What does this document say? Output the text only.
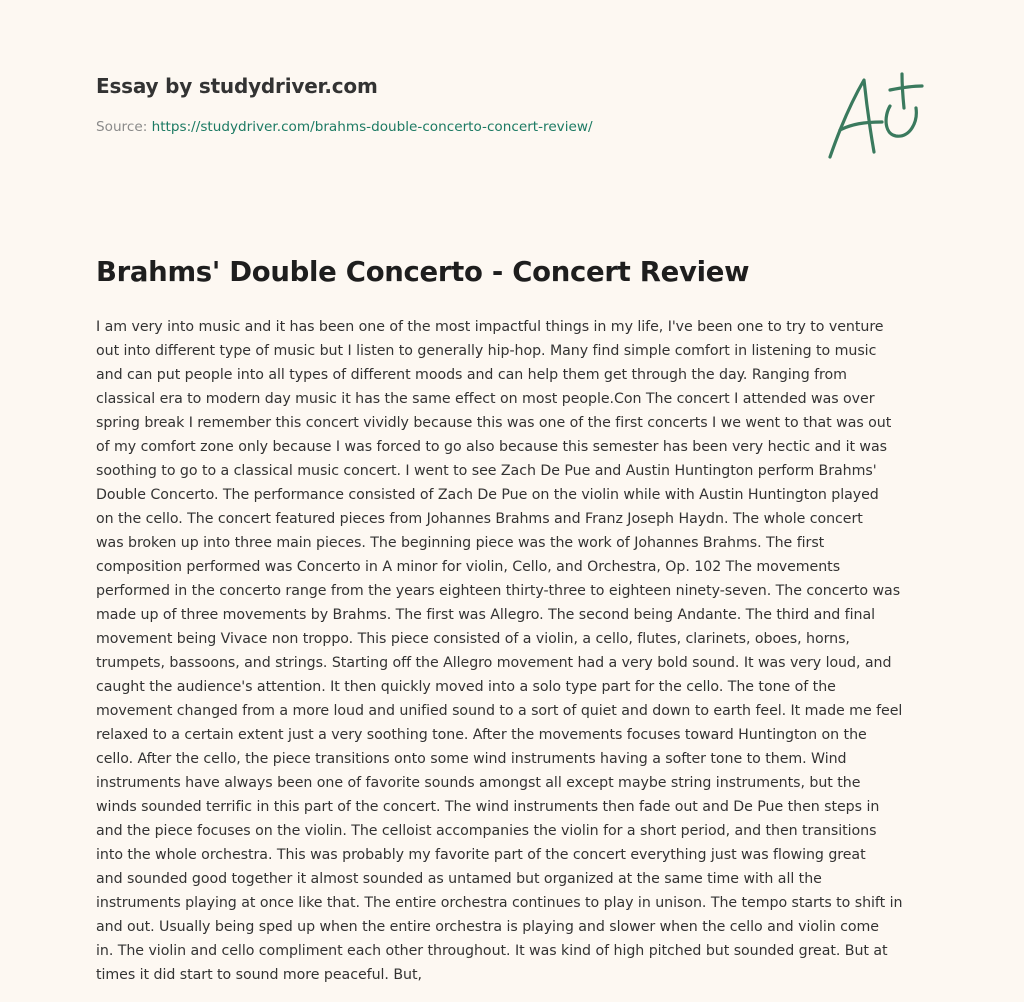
Essay by studydriver.com
Source: https://studydriver.com/brahms-double-concerto-concert-review/
Brahms' Double Concerto - Concert Review
I am very into music and it has been one of the most impactful things in my life, I've been one to try to venture
out into different type of music but I listen to generally hip-hop. Many find simple comfort in listening to music
and can put people into all types of different moods and can help them get through the day. Ranging from
classical era to modern day music it has the same effect on most people.Con The concert I attended was over
spring break I remember this concert vividly because this was one of the first concerts I we went to that was out
of my comfort zone only because I was forced to go also because this semester has been very hectic and it was
soothing to go to a classical music concert. I went to see Zach De Pue and Austin Huntington perform Brahms'
Double Concerto. The performance consisted of Zach De Pue on the violin while with Austin Huntington played
on the cello. The concert featured pieces from Johannes Brahms and Franz Joseph Haydn. The whole concert
was broken up into three main pieces. The beginning piece was the work of Johannes Brahms. The first
composition performed was Concerto in A minor for violin, Cello, and Orchestra, Op. 102 The movements
performed in the concerto range from the years eighteen thirty-three to eighteen ninety-seven. The concerto was
made up of three movements by Brahms. The first was Allegro. The second being Andante. The third and final
movement being Vivace non troppo. This piece consisted of a violin, a cello, flutes, clarinets, oboes, horns,
trumpets, bassoons, and strings. Starting off the Allegro movement had a very bold sound. It was very loud, and
caught the audience's attention. It then quickly moved into a solo type part for the cello. The tone of the
movement changed from a more loud and unified sound to a sort of quiet and down to earth feel. It made me feel
relaxed to a certain extent just a very soothing tone. After the movements focuses toward Huntington on the
cello. After the cello, the piece transitions onto some wind instruments having a softer tone to them. Wind
instruments have always been one of favorite sounds amongst all except maybe string instruments, but the
winds sounded terrific in this part of the concert. The wind instruments then fade out and De Pue then steps in
and the piece focuses on the violin. The celloist accompanies the violin for a short period, and then transitions
into the whole orchestra. This was probably my favorite part of the concert everything just was flowing great
and sounded good together it almost sounded as untamed but organized at the same time with all the
instruments playing at once like that. The entire orchestra continues to play in unison. The tempo starts to shift in
and out. Usually being sped up when the entire orchestra is playing and slower when the cello and violin come
in. The violin and cello compliment each other throughout. It was kind of high pitched but sounded great. But at
times it did start to sound more peaceful. But,
